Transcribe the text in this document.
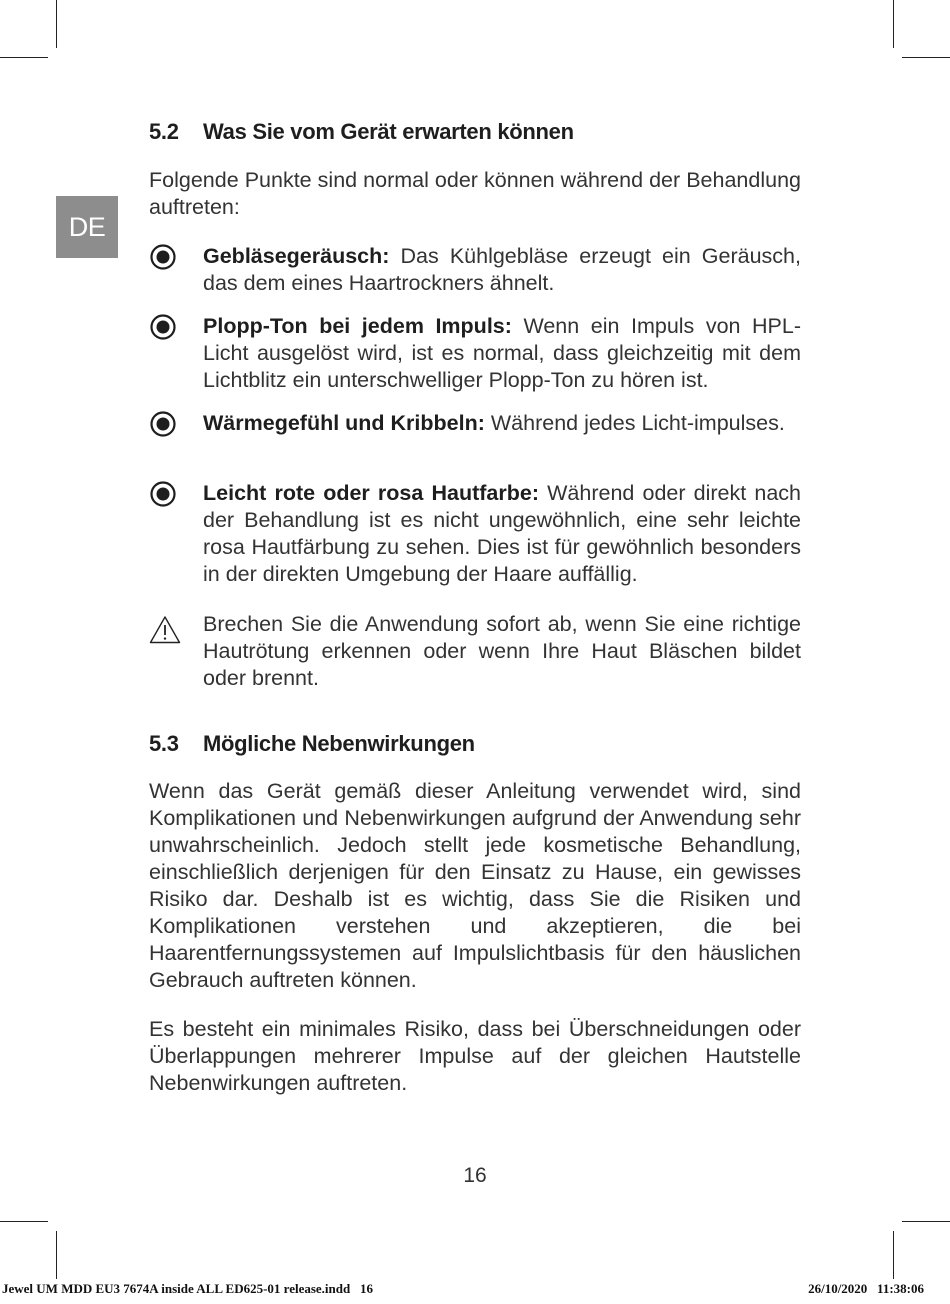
DE
5.2 Was Sie vom Gerät erwarten können

Folgende Punkte sind normal oder können während der Behandlung auftreten:

Gebläsegeräusch: Das Kühlgebläse erzeugt ein Geräusch, das dem eines Haartrockners ähnelt.
Plopp-Ton bei jedem Impuls: Wenn ein Impuls von HPL-Licht ausgelöst wird, ist es normal, dass gleichzeitig mit dem Lichtblitz ein unterschwelliger Plopp-Ton zu hören ist.
Wärmegefühl und Kribbeln: Während jedes Licht-impulses.
Leicht rote oder rosa Hautfarbe: Während oder direkt nach der Behandlung ist es nicht ungewöhnlich, eine sehr leichte rosa Hautfärbung zu sehen. Dies ist für gewöhnlich besonders in der direkten Umgebung der Haare auffällig.
Brechen Sie die Anwendung sofort ab, wenn Sie eine richtige Hautrötung erkennen oder wenn Ihre Haut Bläschen bildet oder brennt.
5.3 Mögliche Nebenwirkungen

Wenn das Gerät gemäß dieser Anleitung verwendet wird, sind Komplikationen und Nebenwirkungen aufgrund der Anwendung sehr unwahrscheinlich. Jedoch stellt jede kosmetische Behandlung, einschließlich derjenigen für den Einsatz zu Hause, ein gewisses Risiko dar. Deshalb ist es wichtig, dass Sie die Risiken und Komplikationen verstehen und akzeptieren, die bei Haarentfernungssystemen auf Impulslichtbasis für den häuslichen Gebrauch auftreten können.

Es besteht ein minimales Risiko, dass bei Überschneidungen oder Überlappungen mehrerer Impulse auf der gleichen Hautstelle Nebenwirkungen auftreten.

16
Jewel UM MDD EU3 7674A inside ALL ED625-01 release.indd   16	26/10/2020   11:38:06
